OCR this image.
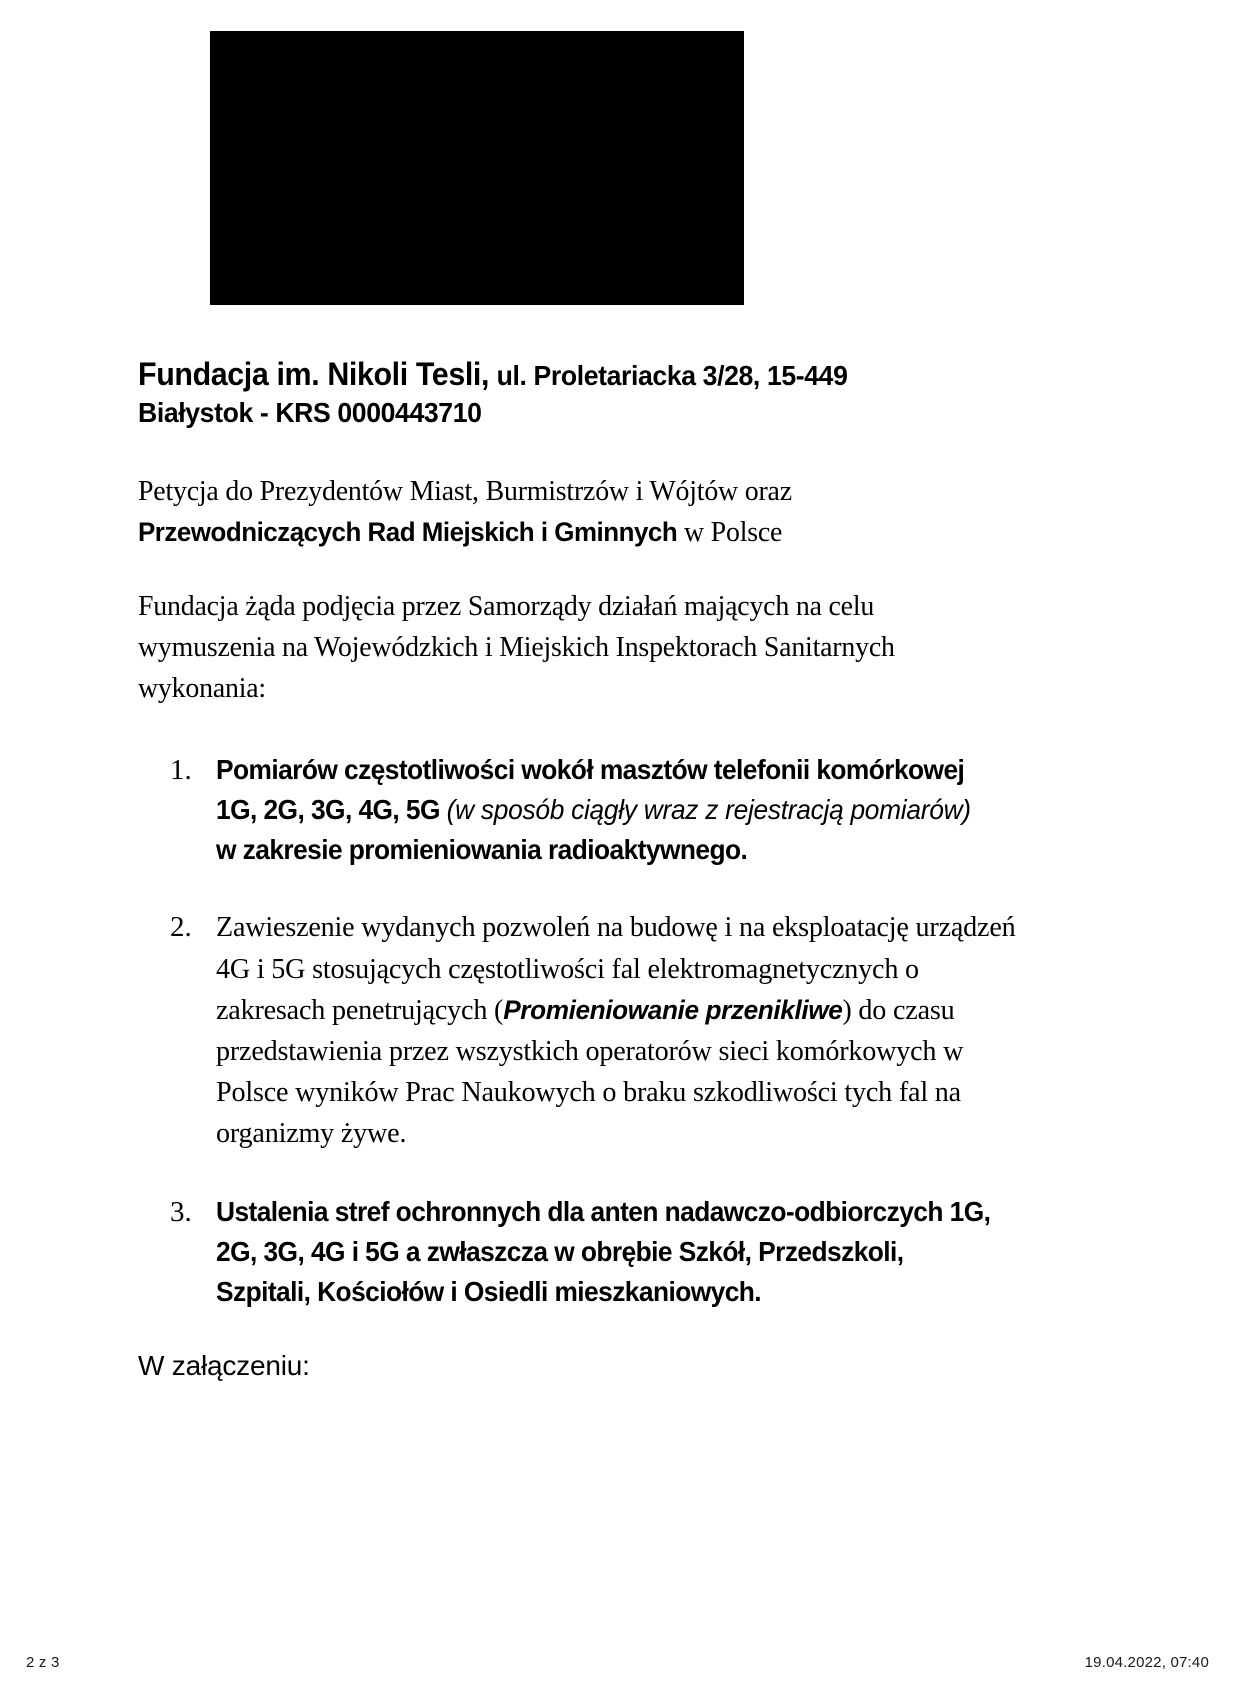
Fundacja im. Nikoli Tesli, ul. Proletariacka 3/28, 15-449
Białystok - KRS 0000443710

Petycja do Prezydentów Miast, Burmistrzów i Wójtów oraz Przewodniczących Rad Miejskich i Gminnych w Polsce

Fundacja żąda podjęcia przez Samorządy działań mających na celu wymuszenia na Wojewódzkich i Miejskich Inspektorach Sanitarnych wykonania:

Pomiarów częstotliwości wokół masztów telefonii komórkowej 1G, 2G, 3G, 4G, 5G (w sposób ciągły wraz z rejestracją pomiarów) w zakresie promieniowania radioaktywnego.
Zawieszenie wydanych pozwoleń na budowę i na eksploatację urządzeń 4G i 5G stosujących częstotliwości fal elektromagnetycznych o zakresach penetrujących (Promieniowanie przenikliwe) do czasu przedstawienia przez wszystkich operatorów sieci komórkowych w Polsce wyników Prac Naukowych o braku szkodliwości tych fal na organizmy żywe.
Ustalenia stref ochronnych dla anten nadawczo-odbiorczych 1G, 2G, 3G, 4G i 5G a zwłaszcza w obrębie Szkół, Przedszkoli, Szpitali, Kościołów i Osiedli mieszkaniowych.

W załączeniu:

2 z 3	19.04.2022, 07:40
